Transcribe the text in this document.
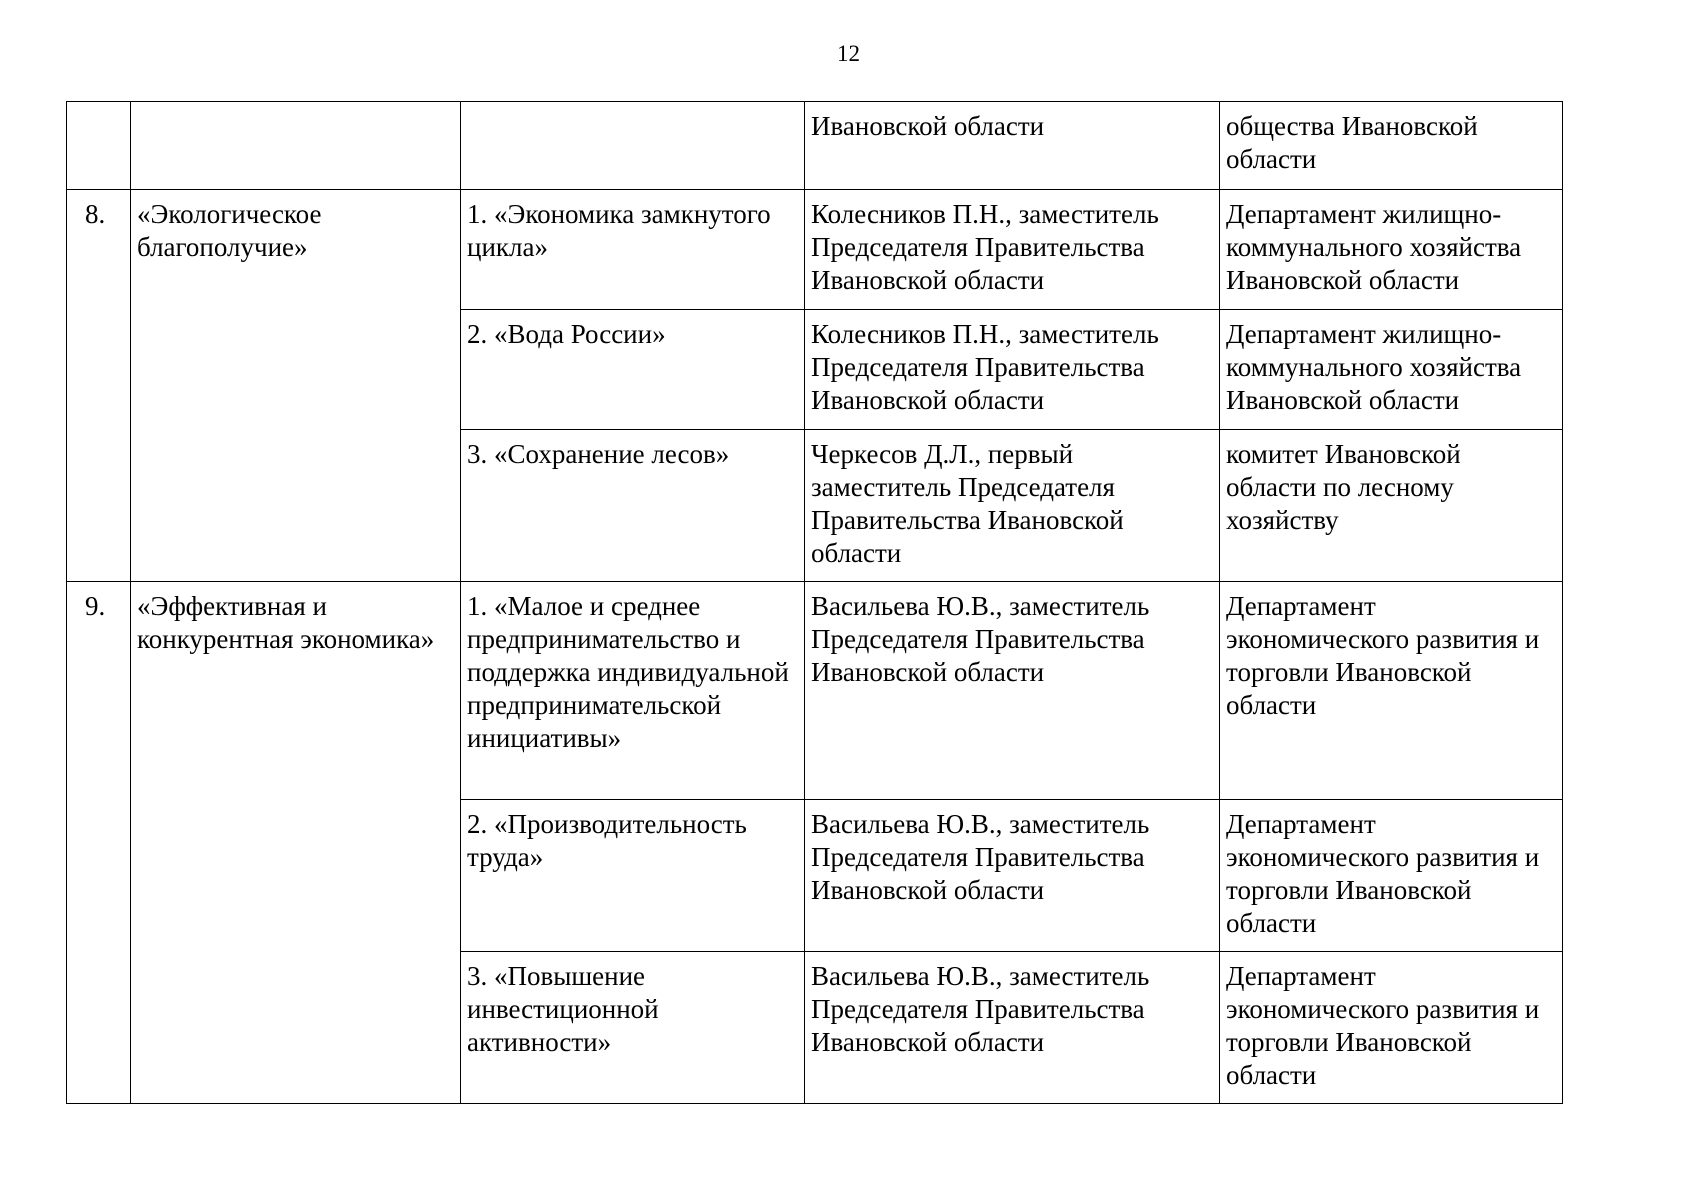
12
			Ивановской области	общества Ивановской области
8.	«Экологическое благополучие»	1. «Экономика замкнутого цикла»	Колесников П.Н., заместитель Председателя Правительства Ивановской области	Департамент жилищно-коммунального хозяйства Ивановской области
		2. «Вода России»	Колесников П.Н., заместитель Председателя Правительства Ивановской области	Департамент жилищно-коммунального хозяйства Ивановской области
		3. «Сохранение лесов»	Черкесов Д.Л., первый заместитель Председателя Правительства Ивановской области	комитет Ивановской области по лесному хозяйству
9.	«Эффективная и конкурентная экономика»	1. «Малое и среднее предпринимательство и поддержка индивидуальной предпринимательской инициативы»	Васильева Ю.В., заместитель Председателя Правительства Ивановской области	Департамент экономического развития и торговли Ивановской области
		2. «Производительность труда»	Васильева Ю.В., заместитель Председателя Правительства Ивановской области	Департамент экономического развития и торговли Ивановской области
		3. «Повышение инвестиционной активности»	Васильева Ю.В., заместитель Председателя Правительства Ивановской области	Департамент экономического развития и торговли Ивановской области
